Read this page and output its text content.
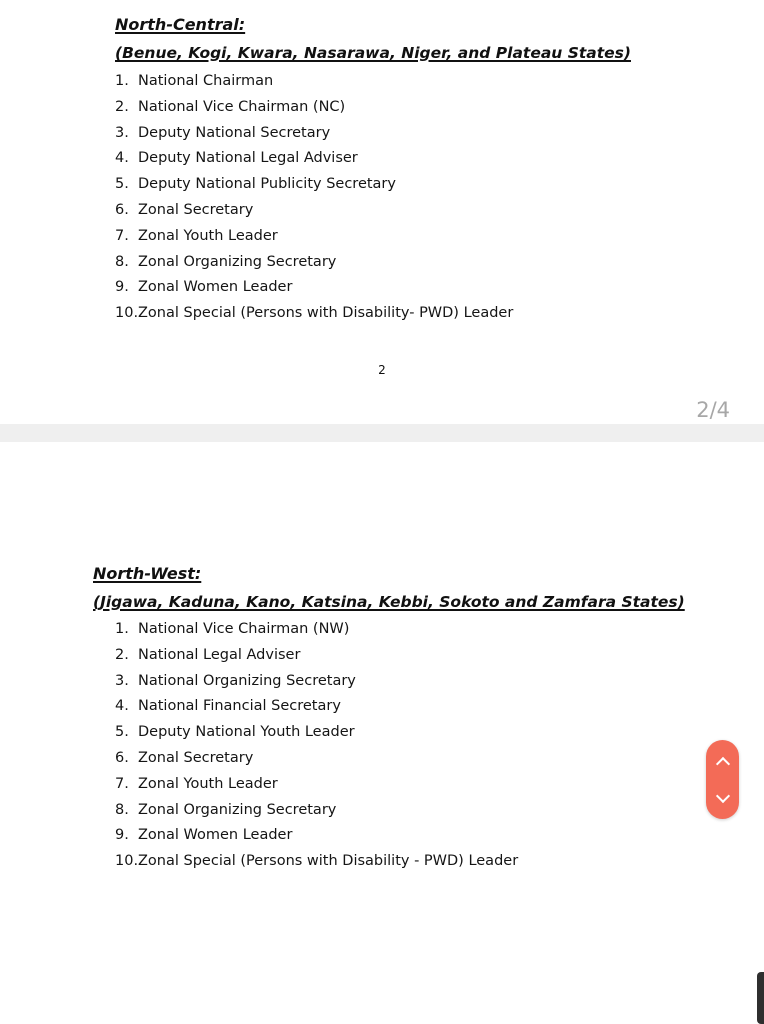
North-Central:
(Benue, Kogi, Kwara, Nasarawa, Niger, and Plateau States)
1. National Chairman
2. National Vice Chairman (NC)
3. Deputy National Secretary
4. Deputy National Legal Adviser
5. Deputy National Publicity Secretary
6. Zonal Secretary
7. Zonal Youth Leader
8. Zonal Organizing Secretary
9. Zonal Women Leader
10.Zonal Special (Persons with Disability- PWD) Leader
2
2/4
North-West:
(Jigawa, Kaduna, Kano, Katsina, Kebbi, Sokoto and Zamfara States)
1. National Vice Chairman (NW)
2. National Legal Adviser
3. National Organizing Secretary
4. National Financial Secretary
5. Deputy National Youth Leader
6. Zonal Secretary
7. Zonal Youth Leader
8. Zonal Organizing Secretary
9. Zonal Women Leader
10.Zonal Special (Persons with Disability - PWD) Leader
